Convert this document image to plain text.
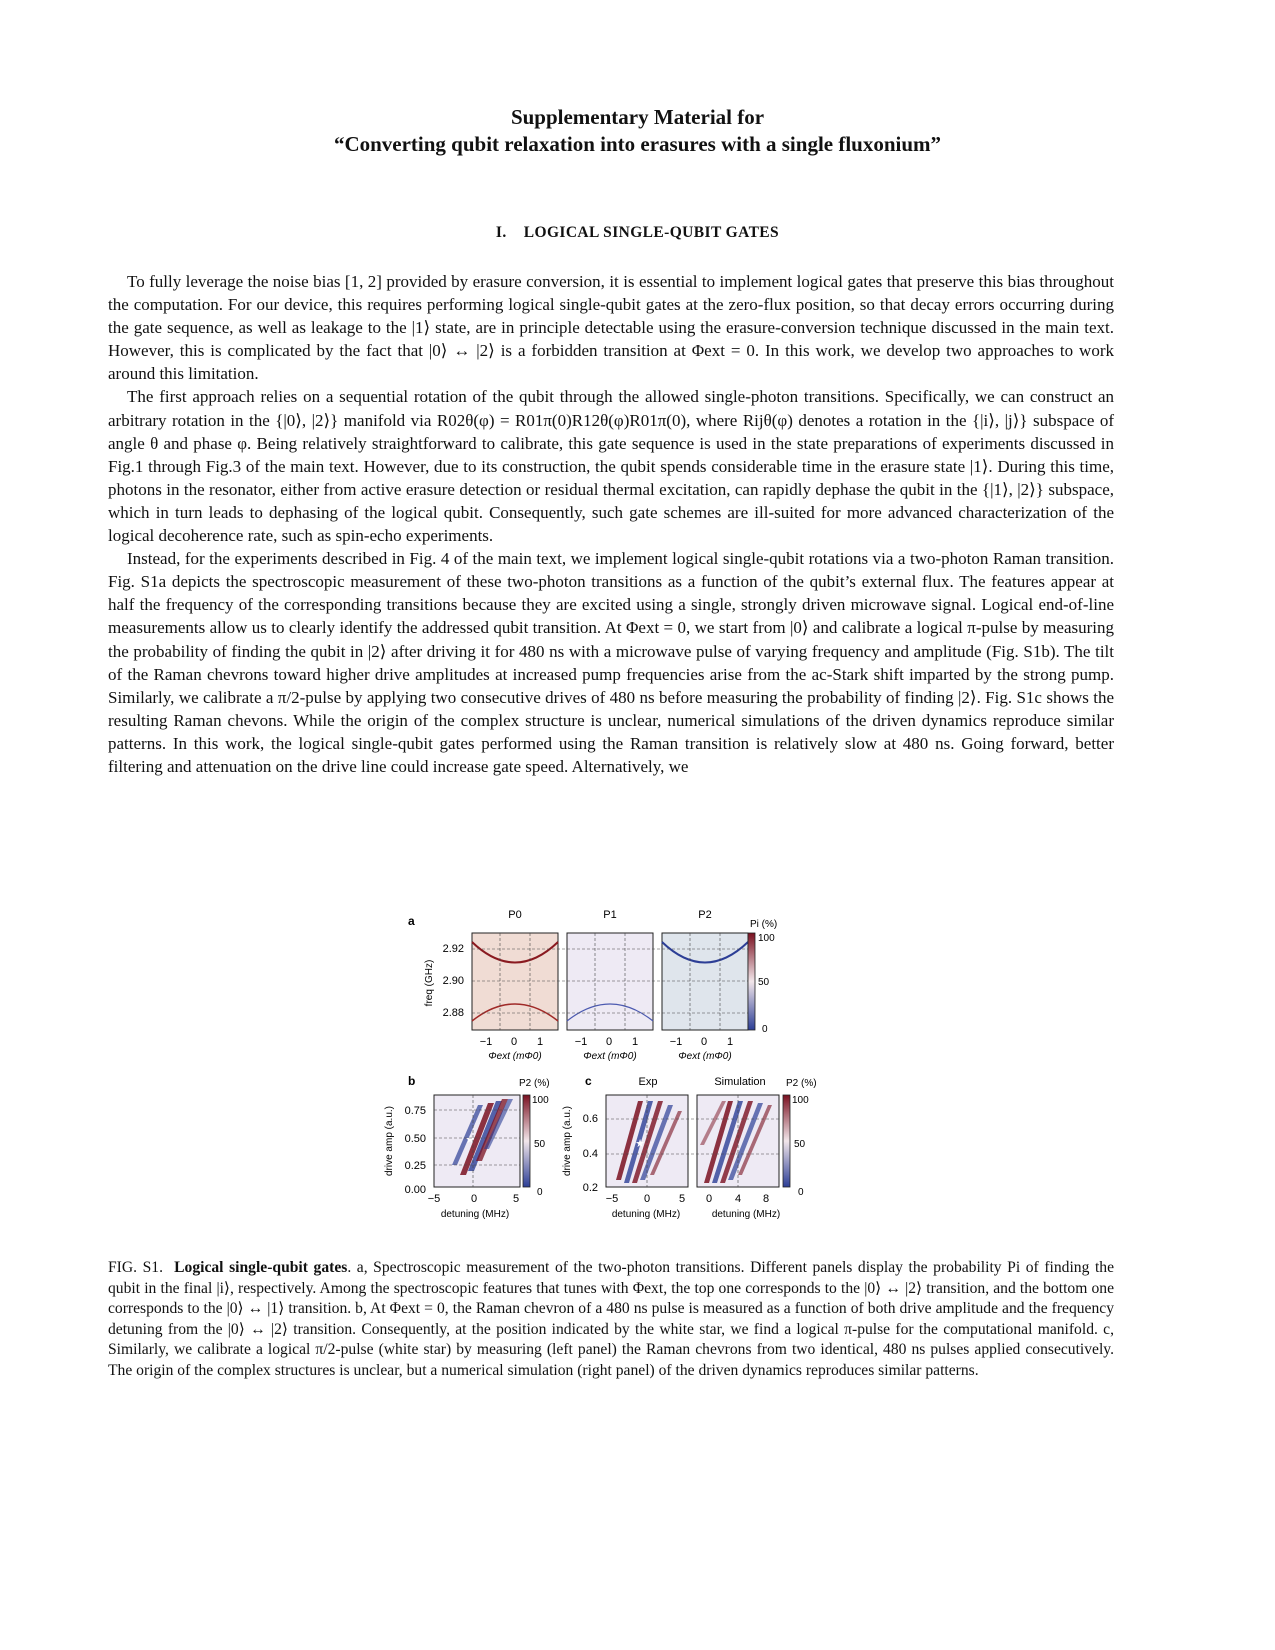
Supplementary Material for
“Converting qubit relaxation into erasures with a single fluxonium”
I. LOGICAL SINGLE-QUBIT GATES

To fully leverage the noise bias [1, 2] provided by erasure conversion, it is essential to implement logical gates that preserve this bias throughout the computation. For our device, this requires performing logical single-qubit gates at the zero-flux position, so that decay errors occurring during the gate sequence, as well as leakage to the |1⟩ state, are in principle detectable using the erasure-conversion technique discussed in the main text. However, this is complicated by the fact that |0⟩ ↔ |2⟩ is a forbidden transition at Φext = 0. In this work, we develop two approaches to work around this limitation.

The first approach relies on a sequential rotation of the qubit through the allowed single-photon transitions. Specifically, we can construct an arbitrary rotation in the {|0⟩, |2⟩} manifold via R02θ(φ) = R01π(0)R12θ(φ)R01π(0), where Rijθ(φ) denotes a rotation in the {|i⟩, |j⟩} subspace of angle θ and phase φ. Being relatively straightforward to calibrate, this gate sequence is used in the state preparations of experiments discussed in Fig.1 through Fig.3 of the main text. However, due to its construction, the qubit spends considerable time in the erasure state |1⟩. During this time, photons in the resonator, either from active erasure detection or residual thermal excitation, can rapidly dephase the qubit in the {|1⟩, |2⟩} subspace, which in turn leads to dephasing of the logical qubit. Consequently, such gate schemes are ill-suited for more advanced characterization of the logical decoherence rate, such as spin-echo experiments.

Instead, for the experiments described in Fig. 4 of the main text, we implement logical single-qubit rotations via a two-photon Raman transition. Fig. S1a depicts the spectroscopic measurement of these two-photon transitions as a function of the qubit’s external flux. The features appear at half the frequency of the corresponding transitions because they are excited using a single, strongly driven microwave signal. Logical end-of-line measurements allow us to clearly identify the addressed qubit transition. At Φext = 0, we start from |0⟩ and calibrate a logical π-pulse by measuring the probability of finding the qubit in |2⟩ after driving it for 480 ns with a microwave pulse of varying frequency and amplitude (Fig. S1b). The tilt of the Raman chevrons toward higher drive amplitudes at increased pump frequencies arise from the ac-Stark shift imparted by the strong pump. Similarly, we calibrate a π/2-pulse by applying two consecutive drives of 480 ns before measuring the probability of finding |2⟩. Fig. S1c shows the resulting Raman chevons. While the origin of the complex structure is unclear, numerical simulations of the driven dynamics reproduce similar patterns. In this work, the logical single-qubit gates performed using the Raman transition is relatively slow at 480 ns. Going forward, better filtering and attenuation on the drive line could increase gate speed. Alternatively, we

a	P0	P1	P2
freq (GHz)
2.92
2.90
2.88
−1 0 1	−1 0 1	−1 0 1
Φext (mΦ0)	Φext (mΦ0)	Φext (mΦ0)
Pi (%)
100
50
0
b
★
drive amp (a.u.) 0.75
0.50
0.25
0.00
−5	0	5
detuning (MHz)
P2 (%)
100
50
0
c	Exp	Simulation
★
drive amp (a.u.) 0.6
0.4
0.2
−5 0	5 0 4 8
detuning (MHz)	detuning (MHz)
P2 (%)
100
50
0
FIG. S1. Logical single-qubit gates. a, Spectroscopic measurement of the two-photon transitions. Different panels display the probability Pi of finding the qubit in the final |i⟩, respectively. Among the spectroscopic features that tunes with Φext, the top one corresponds to the |0⟩ ↔ |2⟩ transition, and the bottom one corresponds to the |0⟩ ↔ |1⟩ transition. b, At Φext = 0, the Raman chevron of a 480 ns pulse is measured as a function of both drive amplitude and the frequency detuning from the |0⟩ ↔ |2⟩ transition. Consequently, at the position indicated by the white star, we find a logical π-pulse for the computational manifold. c, Similarly, we calibrate a logical π/2-pulse (white star) by measuring (left panel) the Raman chevrons from two identical, 480 ns pulses applied consecutively. The origin of the complex structures is unclear, but a numerical simulation (right panel) of the driven dynamics reproduces similar patterns.
